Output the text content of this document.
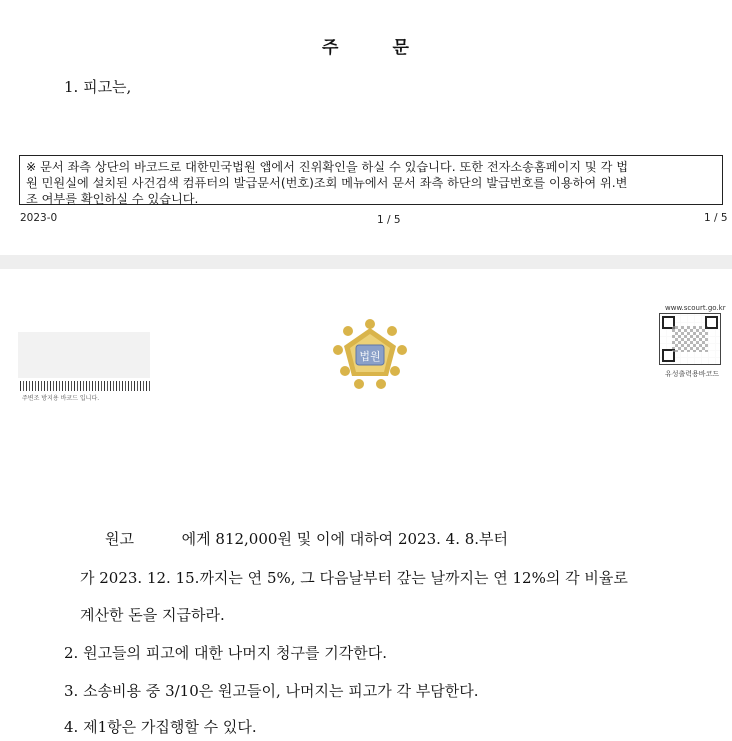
주	문
1. 피고는,
※ 문서 좌측 상단의 바코드로 대한민국법원 앱에서 진위확인을 하실 수 있습니다. 또한 전자소송홈페이지 및 각 법
원 민원실에 설치된 사건검색 컴퓨터의 발급문서(번호)조회 메뉴에서 문서 좌측 하단의 발급번호를 이용하여 위.변
조 여부를 확인하실 수 있습니다.
2023-0	1 / 5	1 / 5
주변조 방지용 바코드 입니다.
법원
www.scourt.go.kr
유성출력용바코드
원고          에게 812,000원 및 이에 대하여 2023. 4. 8.부터
가 2023. 12. 15.까지는 연 5%, 그 다음날부터 갚는 날까지는 연 12%의 각 비율로
계산한 돈을 지급하라.
2. 원고들의 피고에 대한 나머지 청구를 기각한다.
3. 소송비용 중 3/10은 원고들이, 나머지는 피고가 각 부담한다.
4. 제1항은 가집행할 수 있다.
